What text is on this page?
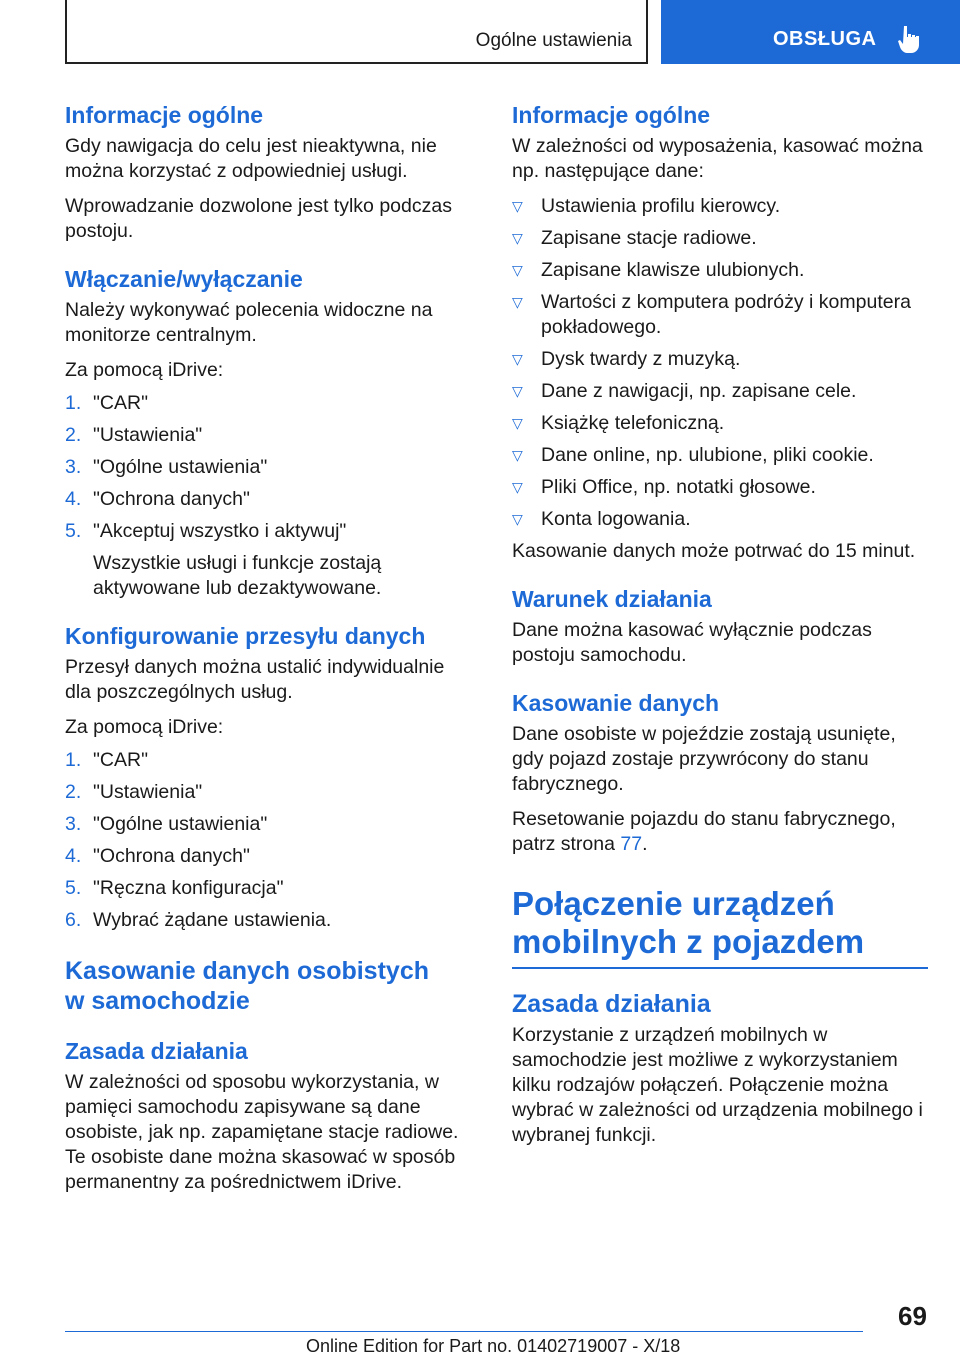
Ogólne ustawienia	OBSŁUGA
Informacje ogólne

Gdy nawigacja do celu jest nieaktywna, nie można korzystać z odpowiedniej usługi.

Wprowadzanie dozwolone jest tylko podczas postoju.

Włączanie/wyłączanie

Należy wykonywać polecenia widoczne na monitorze centralnym.

Za pomocą iDrive:

1. "CAR"
2. "Ustawienia"
3. "Ogólne ustawienia"
4. "Ochrona danych"
5. "Akceptuj wszystko i aktywuj"
Wszystkie usługi i funkcje zostają aktywowane lub dezaktywowane.
Konfigurowanie przesyłu danych

Przesył danych można ustalić indywidualnie dla poszczególnych usług.

Za pomocą iDrive:

1. "CAR"
2. "Ustawienia"
3. "Ogólne ustawienia"
4. "Ochrona danych"
5. "Ręczna konfiguracja"
6. Wybrać żądane ustawienia.
Kasowanie danych osobistych
w samochodzie
Zasada działania

W zależności od sposobu wykorzystania, w pamięci samochodu zapisywane są dane osobiste, jak np. zapamiętane stacje radiowe. Te osobiste dane można skasować w sposób permanentny za pośrednictwem iDrive.

Informacje ogólne

W zależności od wyposażenia, kasować można np. następujące dane:

▽ Ustawienia profilu kierowcy.
▽ Zapisane stacje radiowe.
▽ Zapisane klawisze ulubionych.
▽ Wartości z komputera podróży i komputera pokładowego.
▽ Dysk twardy z muzyką.
▽ Dane z nawigacji, np. zapisane cele.
▽ Książkę telefoniczną.
▽ Dane online, np. ulubione, pliki cookie.
▽ Pliki Office, np. notatki głosowe.
▽ Konta logowania.

Kasowanie danych może potrwać do 15 minut.

Warunek działania

Dane można kasować wyłącznie podczas postoju samochodu.

Kasowanie danych

Dane osobiste w pojeździe zostają usunięte, gdy pojazd zostaje przywrócony do stanu fabrycznego.

Resetowanie pojazdu do stanu fabrycznego, patrz strona 77.

Połączenie urządzeń
mobilnych z pojazdem
Zasada działania

Korzystanie z urządzeń mobilnych w samochodzie jest możliwe z wykorzystaniem kilku rodzajów połączeń. Połączenie można wybrać w zależności od urządzenia mobilnego i wybranej funkcji.

69
Online Edition for Part no. 01402719007 - X/18
